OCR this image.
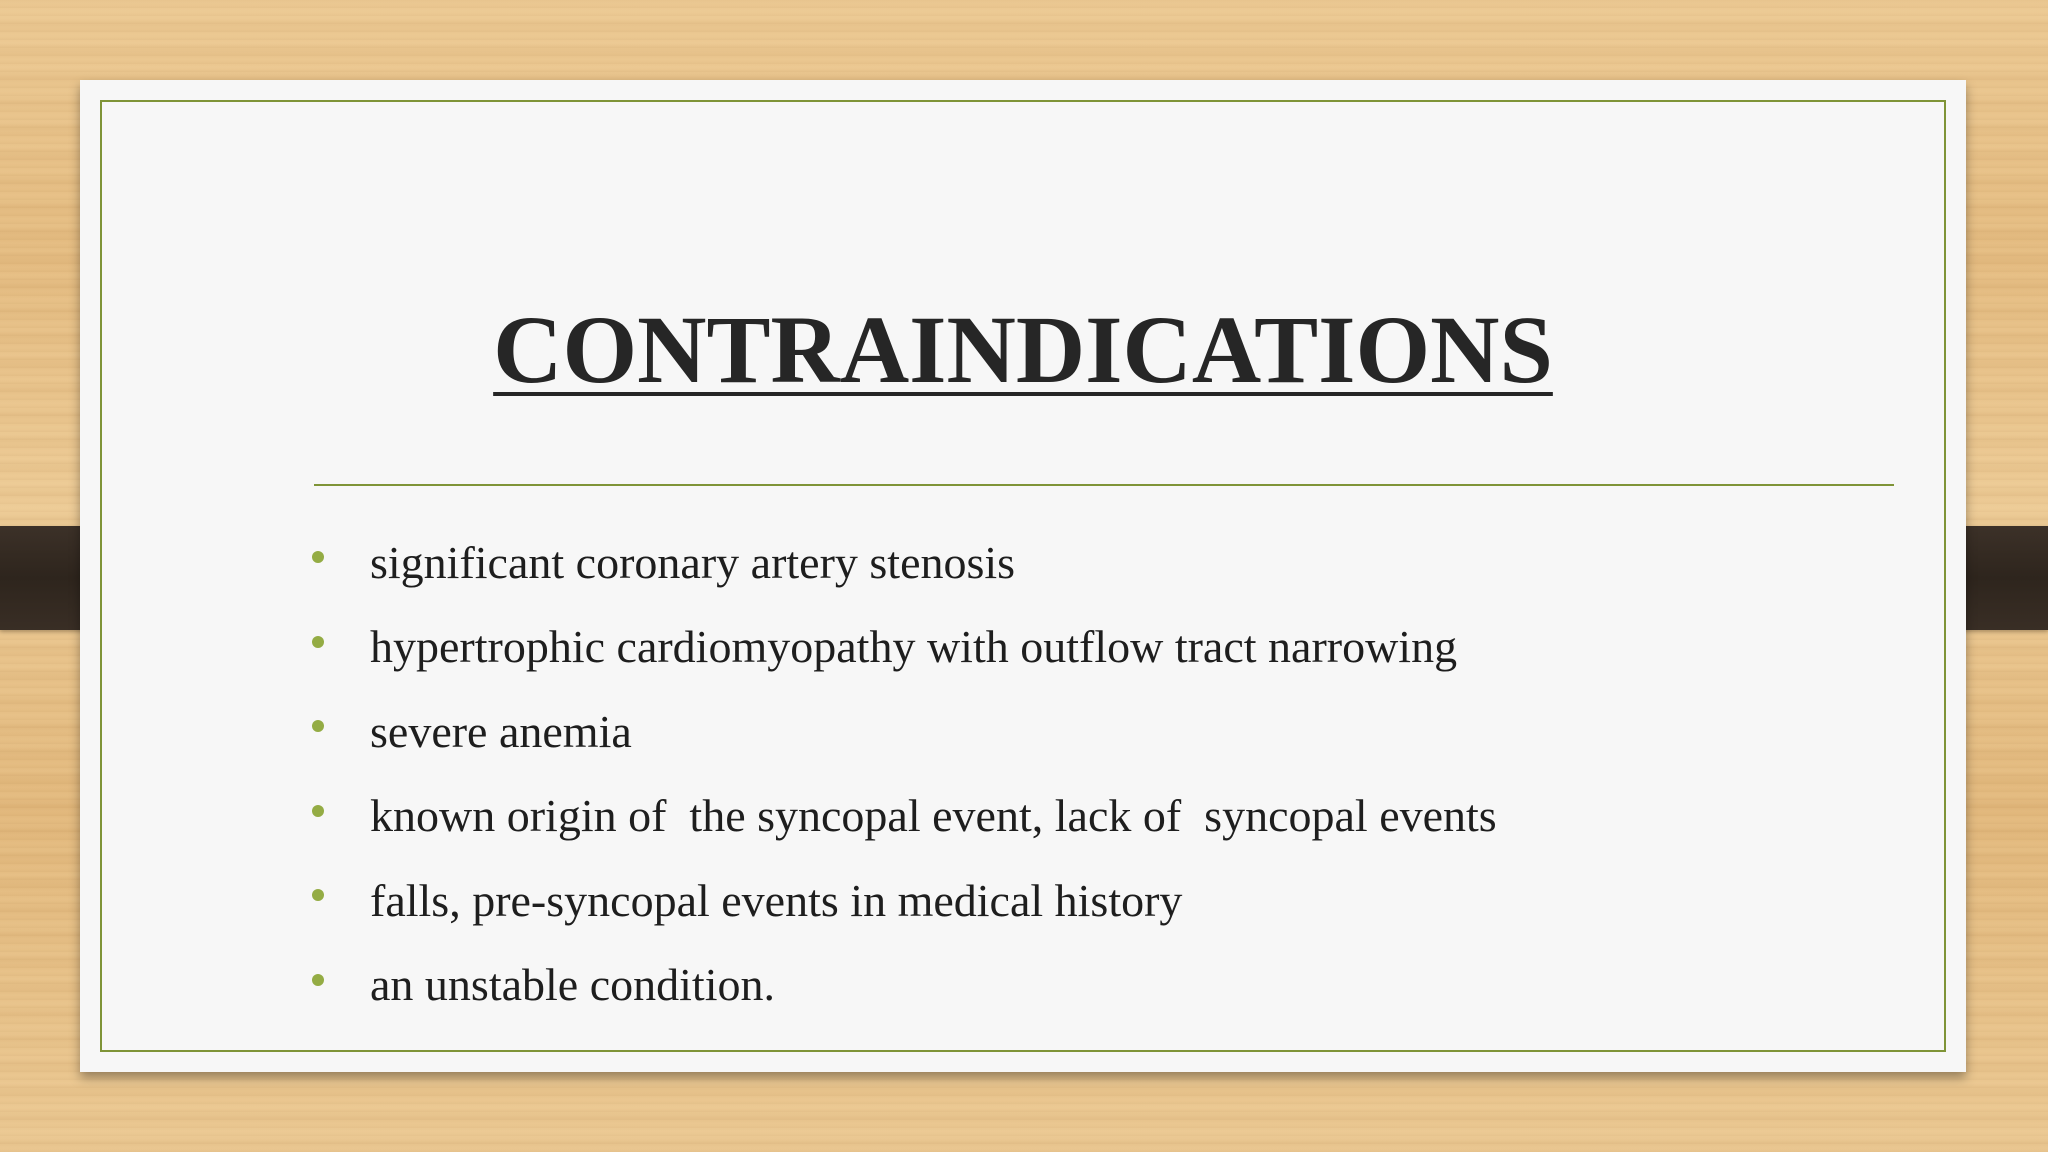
CONTRAINDICATIONS
significant coronary artery stenosis
hypertrophic cardiomyopathy with outflow tract narrowing
severe anemia
known origin of  the syncopal event, lack of  syncopal events
falls, pre-syncopal events in medical history
an unstable condition.
